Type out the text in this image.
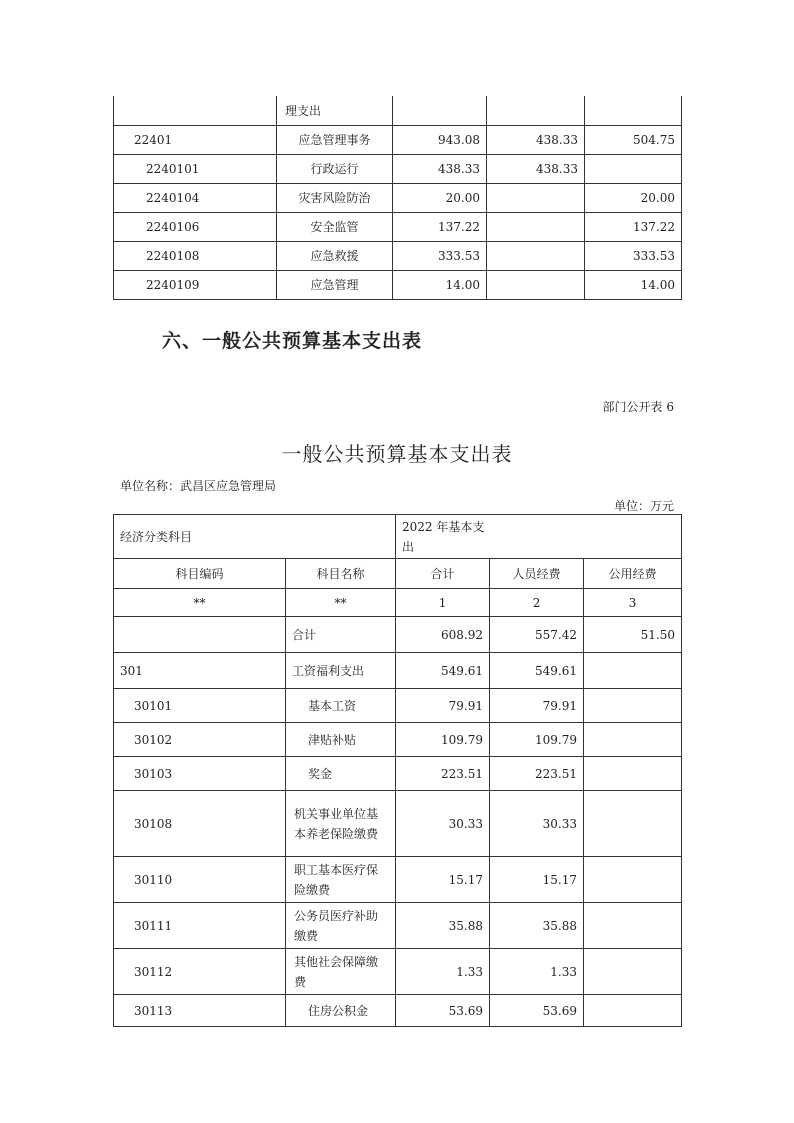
	理支出			
22401	应急管理事务	943.08	438.33	504.75
2240101	行政运行	438.33	438.33	
2240104	灾害风险防治	20.00		20.00
2240106	安全监管	137.22		137.22
2240108	应急救援	333.53		333.53
2240109	应急管理	14.00		14.00
六、一般公共预算基本支出表
部门公开表 6
一般公共预算基本支出表
单位名称：武昌区应急管理局
单位：万元
经济分类科目		2022 年基本支出		

科目编码	科目名称	合计	人员经费	公用经费
**	**	1	2	3
	合计	608.92	557.42	51.50
301	工资福利支出	549.61	549.61	
30101	基本工资	79.91	79.91	
30102	津贴补贴	109.79	109.79	
30103	奖金	223.51	223.51	
30108	机关事业单位基本养老保险缴费	30.33	30.33	
30110	职工基本医疗保险缴费	15.17	15.17	
30111	公务员医疗补助缴费	35.88	35.88	
30112	其他社会保障缴费	1.33	1.33	
30113	住房公积金	53.69	53.69	
